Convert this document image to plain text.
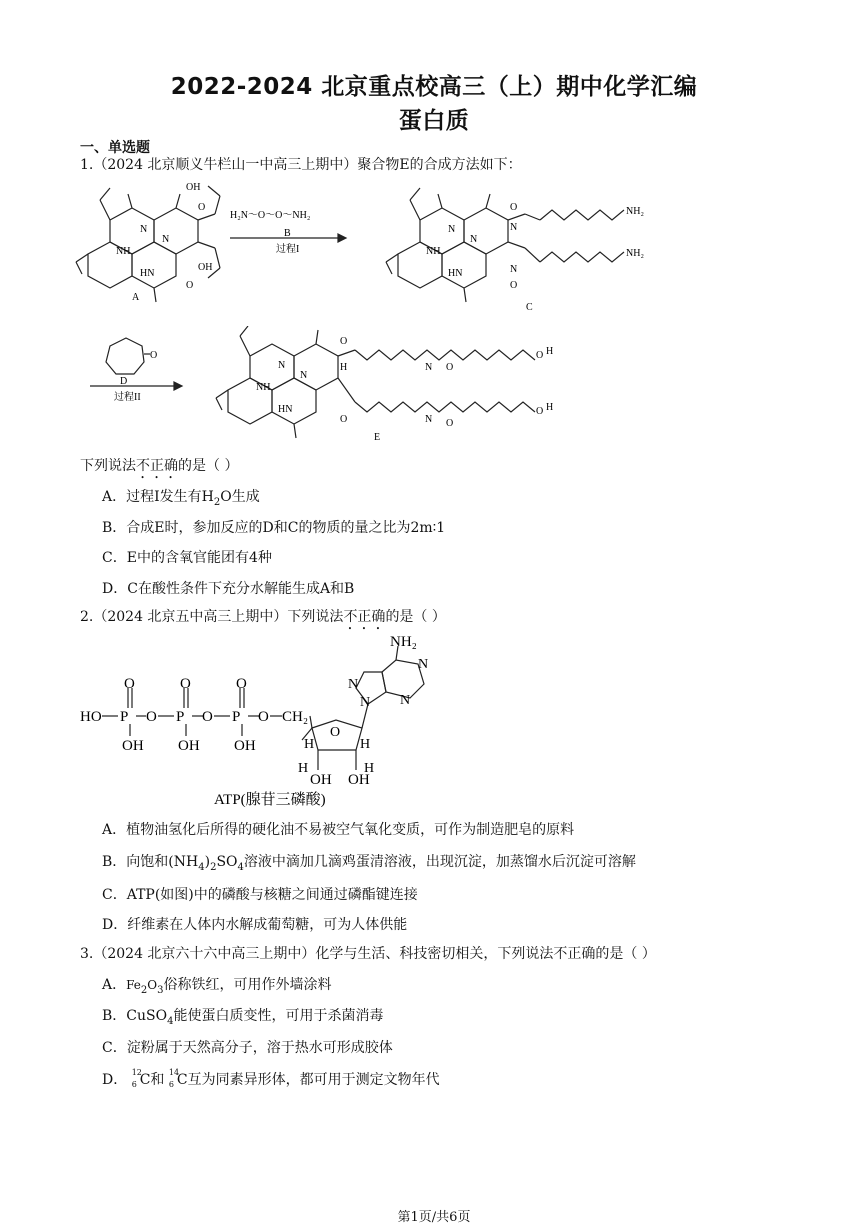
2022-2024 北京重点校高三（上）期中化学汇编
蛋白质
一、单选题
1.（2024 北京顺义牛栏山一中高三上期中）聚合物E的合成方法如下：
OH
O
OH
O
NH
N
N
HN
H₂N〜O〜O〜NH₂
B
过程I
A
NH
N
N
HN
O
N
N
O
NH₂
NH₂
C
O
D
过程II
NH
N
N
HN
O
H	N O
O H
O	N O
O H
E
下列说法不正确的是（ ）
A．过程I发生有$H_2O$生成
B．合成E时，参加反应的D和C的物质的量之比为2m∶1
C．E中的含氧官能团有4种
D．C在酸性条件下充分水解能生成A和B
2.（2024 北京五中高三上期中）下列说法不正确的是（ ）
HO P
O
OH
O P
O
OH
O P
O
OH
O CH₂
O
H	H
H	H
OH OH
N
N
N
N
NH₂
ATP(腺苷三磷酸)
A．植物油氢化后所得的硬化油不易被空气氧化变质，可作为制造肥皂的原料
B．向饱和$(NH_4)_2SO_4$溶液中滴加几滴鸡蛋清溶液，出现沉淀，加蒸馏水后沉淀可溶解
C．ATP(如图)中的磷酸与核糖之间通过磷酯键连接
D．纤维素在人体内水解成葡萄糖，可为人体供能
3.（2024 北京六十六中高三上期中）化学与生活、科技密切相关，下列说法不正确的是（ ）
A．$Fe_2O_3$俗称铁红，可用作外墙涂料
B．CuSO$_4$能使蛋白质变性，可用于杀菌消毒
C．淀粉属于天然高分子，溶于热水可形成胶体
D． 12
6 C和 14
6 C互为同素异形体，都可用于测定文物年代
第1页/共6页
